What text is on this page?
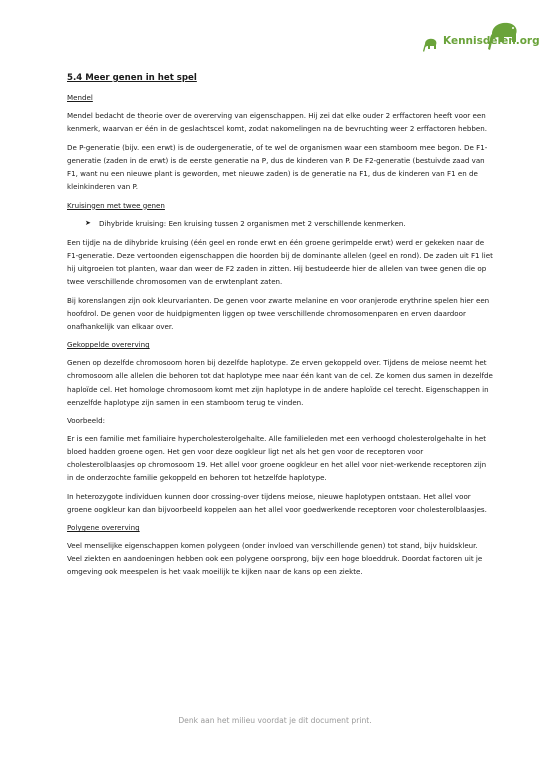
Kennisdelen.org
5.4 Meer genen in het spel
Mendel
Mendel bedacht de theorie over de overerving van eigenschappen. Hij zei dat elke ouder 2 erffactoren heeft voor een kenmerk, waarvan er één in de geslachtscel komt, zodat nakomelingen na de bevruchting weer 2 erffactoren hebben.
De P-generatie (bijv. een erwt) is de oudergeneratie, of te wel de organismen waar een stamboom mee begon. De F1-generatie (zaden in de erwt) is de eerste generatie na P, dus de kinderen van P. De F2-generatie (bestuivde zaad van F1, want nu een nieuwe plant is geworden, met nieuwe zaden) is de generatie na F1, dus de kinderen van F1 en de kleinkinderen van P.
Kruisingen met twee genen
➤	Dihybride kruising: Een kruising tussen 2 organismen met 2 verschillende kenmerken.
Een tijdje na de dihybride kruising (één geel en ronde erwt en één groene gerimpelde erwt) werd er gekeken naar de F1-generatie. Deze vertoonden eigenschappen die hoorden bij de dominante allelen (geel en rond). De zaden uit F1 liet hij uitgroeien tot planten, waar dan weer de F2 zaden in zitten. Hij bestudeerde hier de allelen van twee genen die op twee verschillende chromosomen van de erwtenplant zaten.
Bij korenslangen zijn ook kleurvarianten. De genen voor zwarte melanine en voor oranjerode erythrine spelen hier een hoofdrol. De genen voor de huidpigmenten liggen op twee verschillende chromosomenparen en erven daardoor onafhankelijk van elkaar over.
Gekoppelde overerving
Genen op dezelfde chromosoom horen bij dezelfde haplotype. Ze erven gekoppeld over. Tijdens de meiose neemt het chromosoom alle allelen die behoren tot dat haplotype mee naar één kant van de cel. Ze komen dus samen in dezelfde haploïde cel. Het homologe chromosoom komt met zijn haplotype in de andere haploïde cel terecht. Eigenschappen in eenzelfde haplotype zijn samen in een stamboom terug te vinden.
Voorbeeld:
Er is een familie met familiaire hypercholesterolgehalte. Alle familieleden met een verhoogd cholesterolgehalte in het bloed hadden groene ogen. Het gen voor deze oogkleur ligt net als het gen voor de receptoren voor cholesterolblaasjes op chromosoom 19. Het allel voor groene oogkleur en het allel voor niet-werkende receptoren zijn in de onderzochte familie gekoppeld en behoren tot hetzelfde haplotype.
In heterozygote individuen kunnen door crossing-over tijdens meiose, nieuwe haplotypen ontstaan. Het allel voor groene oogkleur kan dan bijvoorbeeld koppelen aan het allel voor goedwerkende receptoren voor cholesterolblaasjes.
Polygene overerving
Veel menselijke eigenschappen komen polygeen (onder invloed van verschillende genen) tot stand, bijv huidskleur. Veel ziekten en aandoeningen hebben ook een polygene oorsprong, bijv een hoge bloeddruk. Doordat factoren uit je omgeving ook meespelen is het vaak moeilijk te kijken naar de kans op een ziekte.
Denk aan het milieu voordat je dit document print.
